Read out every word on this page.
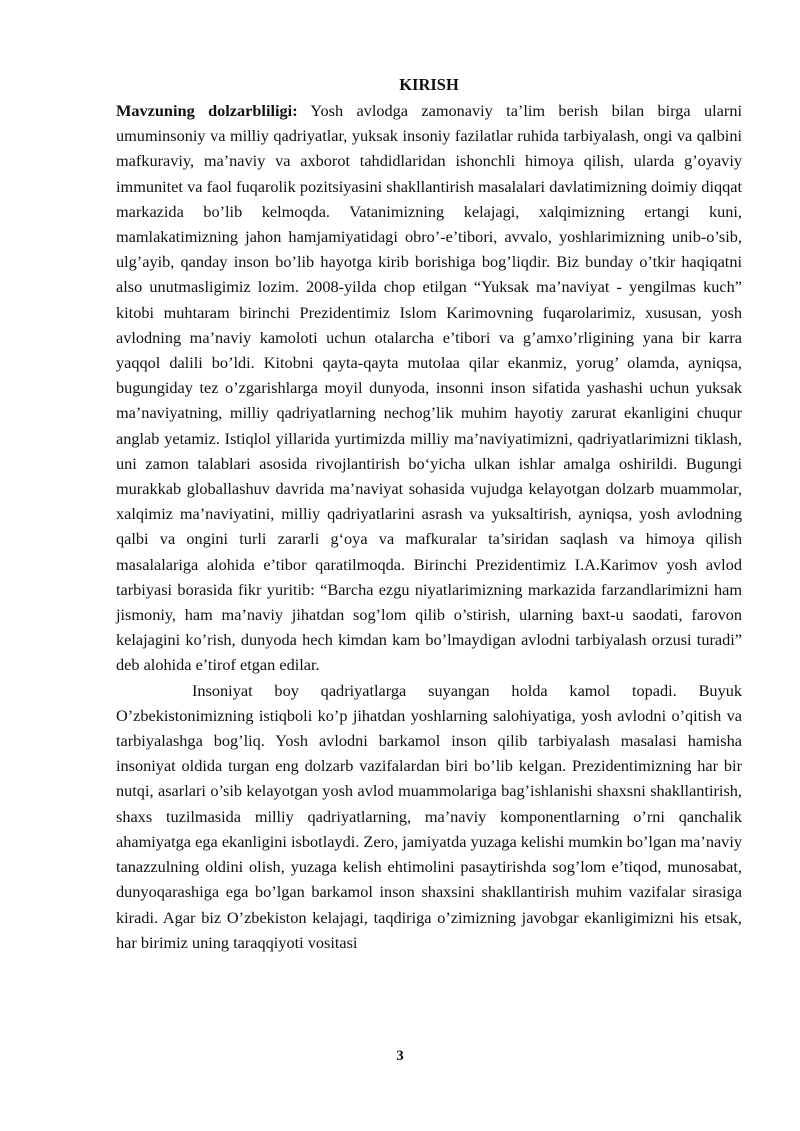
KIRISH

Mavzuning dolzarbliligi: Yosh avlodga zamonaviy ta’lim berish bilan birga ularni umuminsoniy va milliy qadriyatlar, yuksak insoniy fazilatlar ruhida tarbiyalash, ongi va qalbini mafkuraviy, ma’naviy va axborot tahdidlaridan ishonchli himoya qilish, ularda g’oyaviy immunitet va faol fuqarolik pozitsiyasini shakllantirish masalalari davlatimizning doimiy diqqat markazida bo’lib kelmoqda. Vatanimizning kelajagi, xalqimizning ertangi kuni, mamlakatimizning jahon hamjamiyatidagi obro’-e’tibori, avvalo, yoshlarimizning unib-o’sib, ulg’ayib, qanday inson bo’lib hayotga kirib borishiga bog’liqdir. Biz bunday o’tkir haqiqatni also unutmasligimiz lozim. 2008-yilda chop etilgan “Yuksak ma’naviyat - yengilmas kuch” kitobi muhtaram birinchi Prezidentimiz Islom Karimovning fuqarolarimiz, xususan, yosh avlodning ma’naviy kamoloti uchun otalarcha e’tibori va g’amxo’rligining yana bir karra yaqqol dalili bo’ldi. Kitobni qayta-qayta mutolaa qilar ekanmiz, yorug’ olamda, ayniqsa, bugungiday tez o’zgarishlarga moyil dunyoda, insonni inson sifatida yashashi uchun yuksak ma’naviyatning, milliy qadriyatlarning nechog’lik muhim hayotiy zarurat ekanligini chuqur anglab yetamiz. Istiqlol yillarida yurtimizda milliy ma’naviyatimizni, qadriyatlarimizni tiklash, uni zamon talablari asosida rivojlantirish bo‘yicha ulkan ishlar amalga oshirildi. Bugungi murakkab globallashuv davrida ma’naviyat sohasida vujudga kelayotgan dolzarb muammolar, xalqimiz ma’naviyatini, milliy qadriyatlarini asrash va yuksaltirish, ayniqsa, yosh avlodning qalbi va ongini turli zararli g‘oya va mafkuralar ta’siridan saqlash va himoya qilish masalalariga alohida e’tibor qaratilmoqda. Birinchi Prezidentimiz I.A.Karimov yosh avlod tarbiyasi borasida fikr yuritib: “Barcha ezgu niyatlarimizning markazida farzandlarimizni ham jismoniy, ham ma’naviy jihatdan sog’lom qilib o’stirish, ularning baxt-u saodati, farovon kelajagini ko’rish, dunyoda hech kimdan kam bo’lmaydigan avlodni tarbiyalash orzusi turadi” deb alohida e’tirof etgan edilar.

Insoniyat boy qadriyatlarga suyangan holda kamol topadi. Buyuk O’zbekistonimizning istiqboli ko’p jihatdan yoshlarning salohiyatiga, yosh avlodni o’qitish va tarbiyalashga bog’liq. Yosh avlodni barkamol inson qilib tarbiyalash masalasi hamisha insoniyat oldida turgan eng dolzarb vazifalardan biri bo’lib kelgan. Prezidentimizning har bir nutqi, asarlari o’sib kelayotgan yosh avlod muammolariga bag’ishlanishi shaxsni shakllantirish, shaxs tuzilmasida milliy qadriyatlarning, ma’naviy komponentlarning o’rni qanchalik ahamiyatga ega ekanligini isbotlaydi. Zero, jamiyatda yuzaga kelishi mumkin bo’lgan ma’naviy tanazzulning oldini olish, yuzaga kelish ehtimolini pasaytirishda sog’lom e’tiqod, munosabat, dunyoqarashiga ega bo’lgan barkamol inson shaxsini shakllantirish muhim vazifalar sirasiga kiradi. Agar biz O’zbekiston kelajagi, taqdiriga o’zimizning javobgar ekanligimizni his etsak, har birimiz uning taraqqiyoti vositasi

3
